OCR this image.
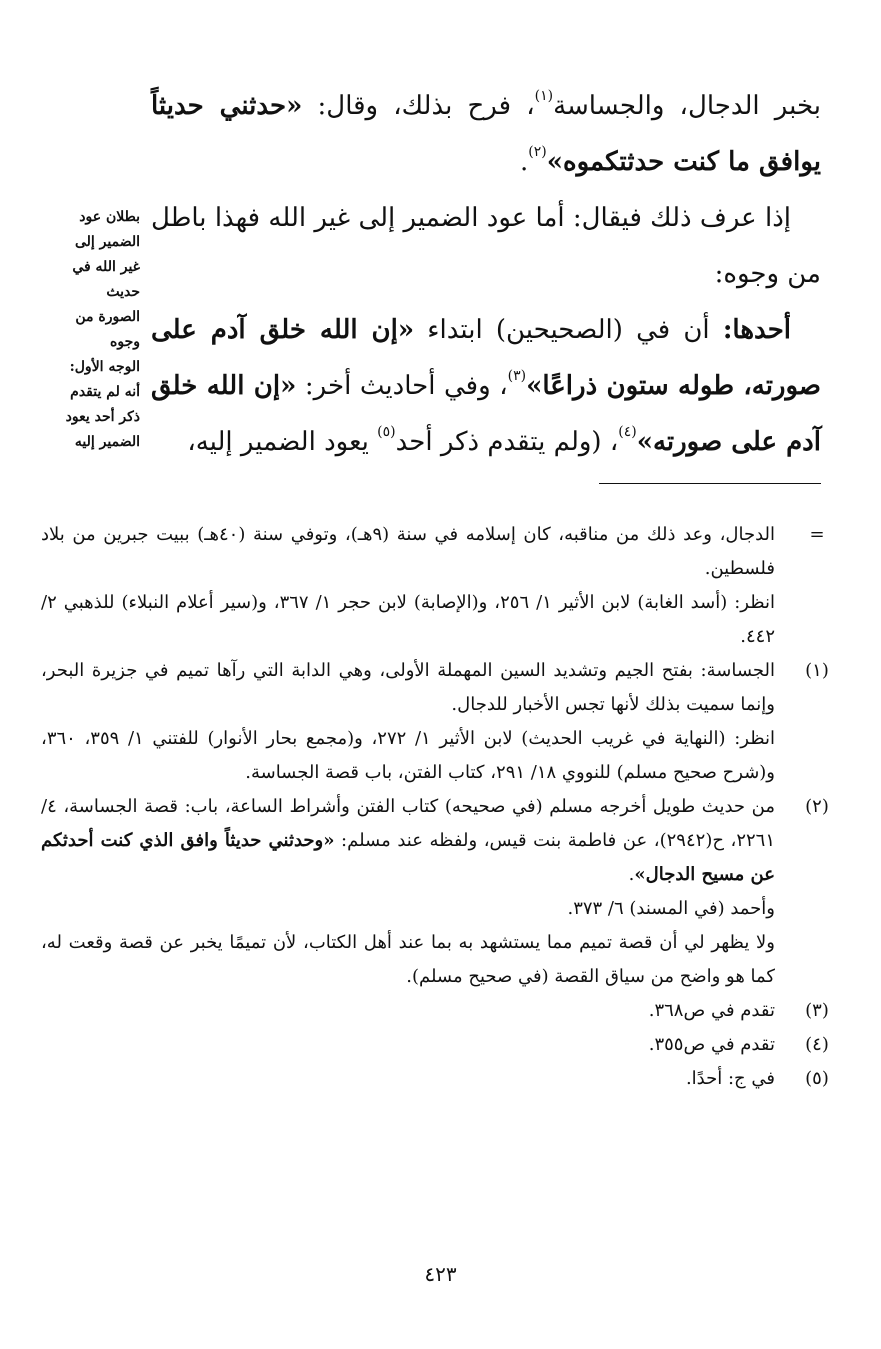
بخبر الدجال، والجساسة$^{(١)}$، فرح بذلك، وقال: «حدثني حديثاً يوافق ما كنت حدثتكموه»$^{(٢)}$.

إذا عرف ذلك فيقال: أما عود الضمير إلى غير الله فهذا باطل من وجوه:

أحدها: أن في (الصحيحين) ابتداء «إن الله خلق آدم على صورته، طوله ستون ذراعًا»$^{(٣)}$، وفي أحاديث أخر: «إن الله خلق آدم على صورته»$^{(٤)}$، (ولم يتقدم ذكر أحد$^{(٥)}$ يعود الضمير إليه،

بطلان عود
الضمير إلى
غير الله في
حديث
الصورة من
وجوه
الوجه الأول:
أنه لم يتقدم
ذكر أحد يعود
الضمير إليه
=

الدجال، وعد ذلك من مناقبه، كان إسلامه في سنة (٩هـ)، وتوفي سنة (٤٠هـ) ببيت جبرين من بلاد فلسطين.

انظر: (أسد الغابة) لابن الأثير ١/ ٢٥٦، و(الإصابة) لابن حجر ١/ ٣٦٧، و(سير أعلام النبلاء) للذهبي ٢/ ٤٤٢.

(١)

الجساسة: بفتح الجيم وتشديد السين المهملة الأولى، وهي الدابة التي رآها تميم في جزيرة البحر، وإنما سميت بذلك لأنها تجس الأخبار للدجال.

انظر: (النهاية في غريب الحديث) لابن الأثير ١/ ٢٧٢، و(مجمع بحار الأنوار) للفتني ١/ ٣٥٩، ٣٦٠، و(شرح صحيح مسلم) للنووي ١٨/ ٢٩١، كتاب الفتن، باب قصة الجساسة.

(٢)

من حديث طويل أخرجه مسلم (في صحيحه) كتاب الفتن وأشراط الساعة، باب: قصة الجساسة، ٤/ ٢٢٦١، ح(٢٩٤٢)، عن فاطمة بنت قيس، ولفظه عند مسلم: «وحدثني حديثاً وافق الذي كنت أحدثكم عن مسيح الدجال».

وأحمد (في المسند) ٦/ ٣٧٣.

ولا يظهر لي أن قصة تميم مما يستشهد به بما عند أهل الكتاب، لأن تميمًا يخبر عن قصة وقعت له، كما هو واضح من سياق القصة (في صحيح مسلم).

(٣)

تقدم في ص٣٦٨.

(٤)

تقدم في ص٣٥٥.

(٥)

في ج: أحدًا.

٤٢٣
